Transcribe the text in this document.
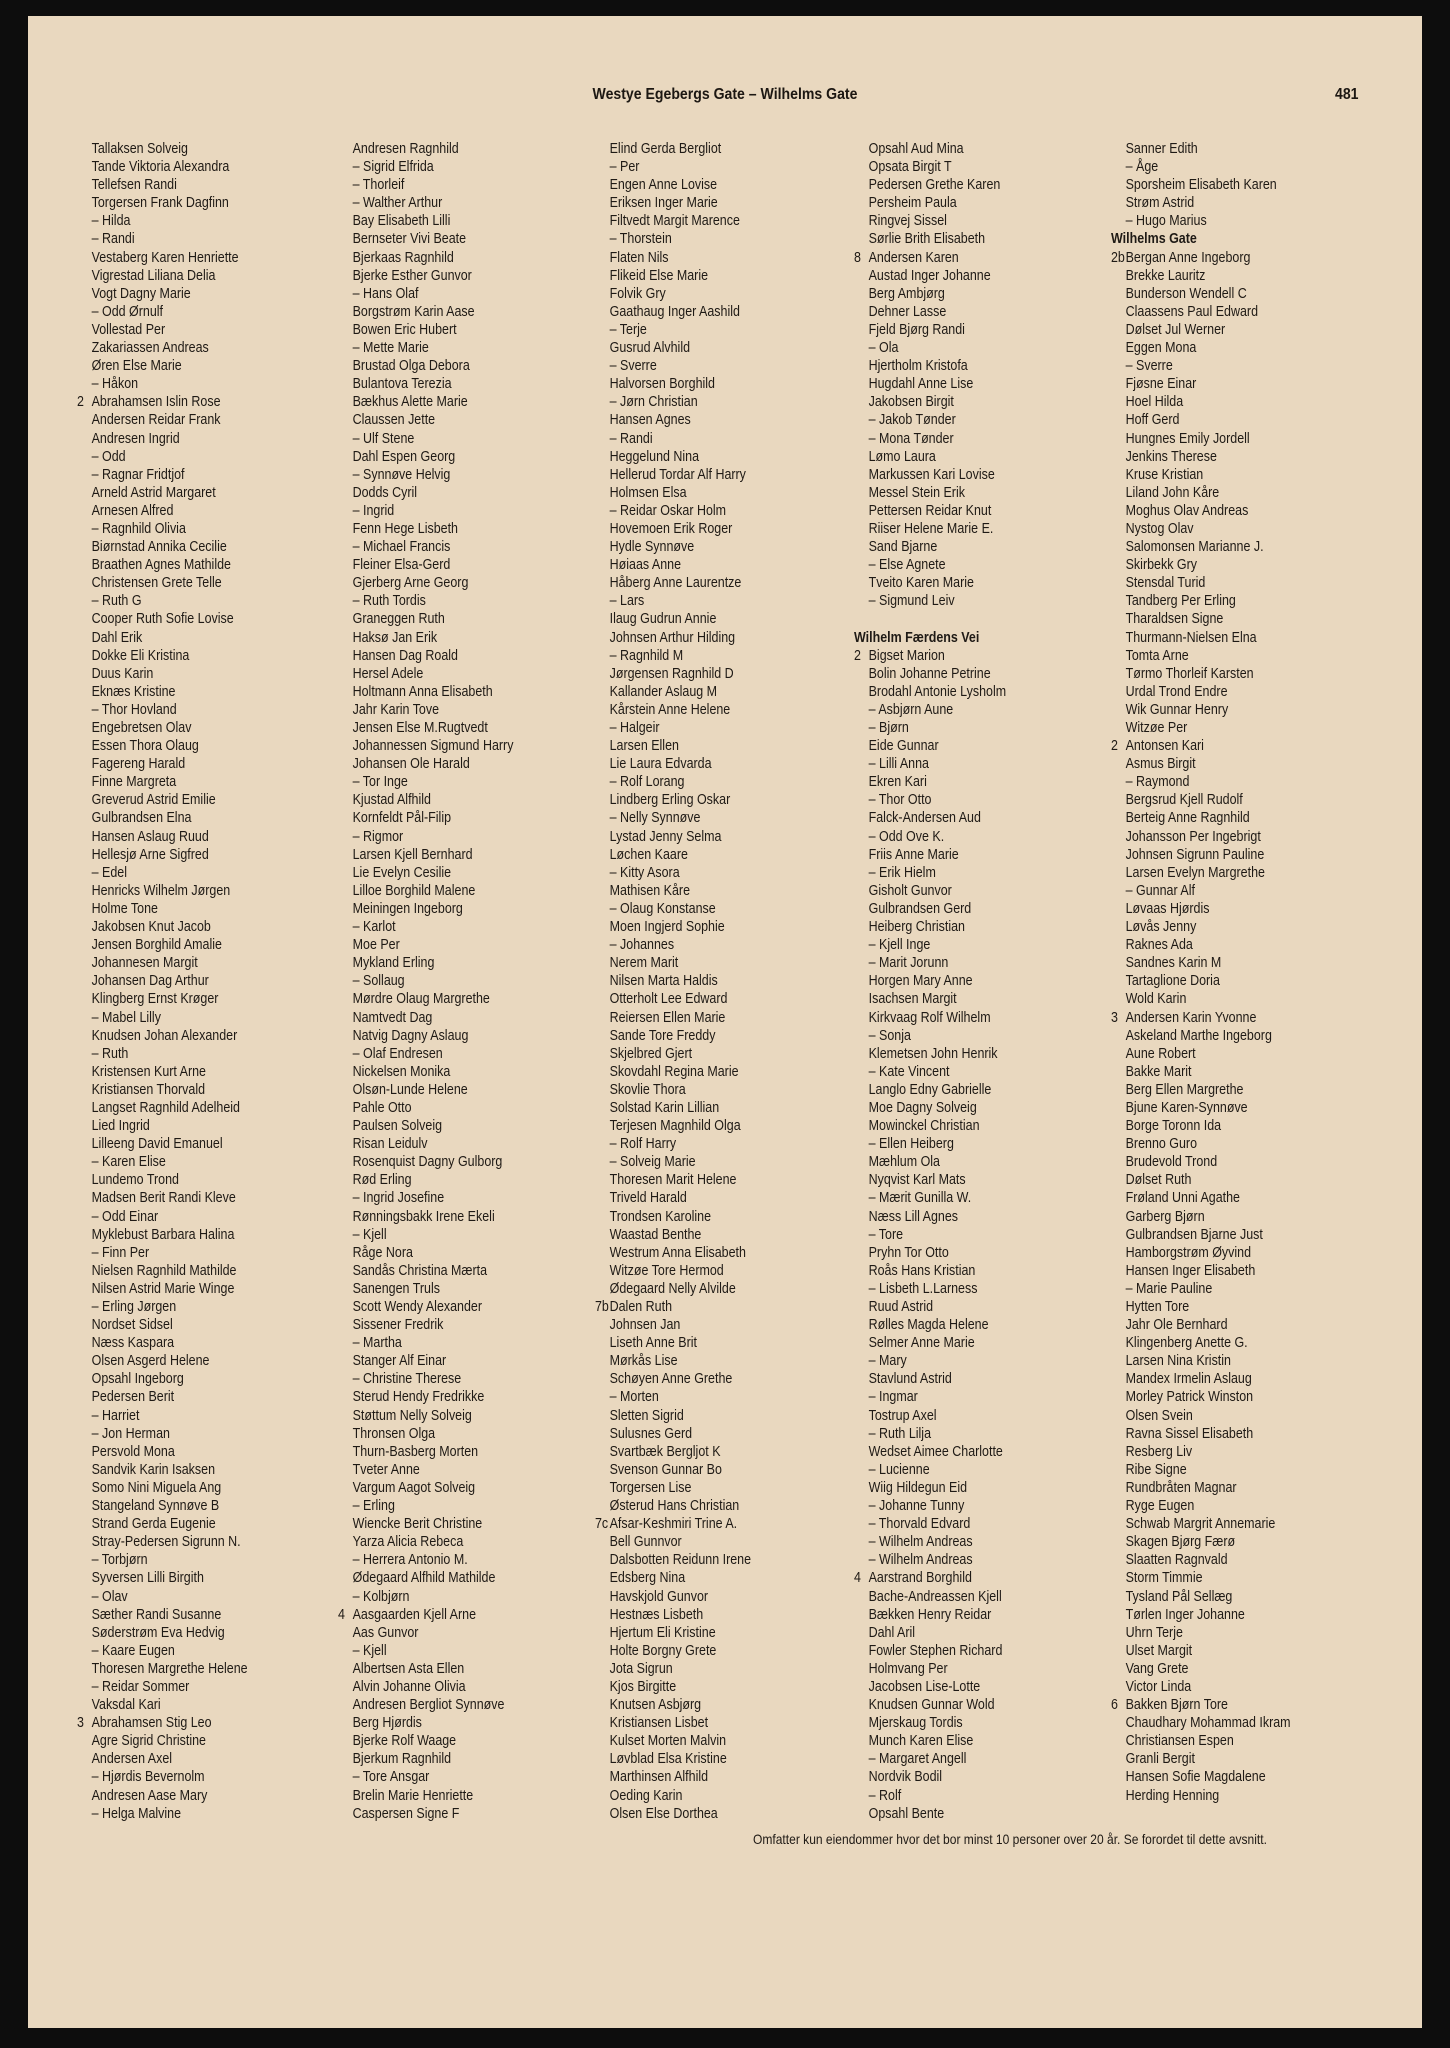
Westye Egebergs Gate – Wilhelms Gate	481
Tallaksen Solveig
Tande Viktoria Alexandra
Tellefsen Randi
Torgersen Frank Dagfinn
– Hilda
– Randi
Vestaberg Karen Henriette
Vigrestad Liliana Delia
Vogt Dagny Marie
– Odd Ørnulf
Vollestad Per
Zakariassen Andreas
Øren Else Marie
– Håkon
2 Abrahamsen Islin Rose
Andersen Reidar Frank
Andresen Ingrid
– Odd
– Ragnar Fridtjof
Arneld Astrid Margaret
Arnesen Alfred
– Ragnhild Olivia
Biørnstad Annika Cecilie
Braathen Agnes Mathilde
Christensen Grete Telle
– Ruth G
Cooper Ruth Sofie Lovise
Dahl Erik
Dokke Eli Kristina
Duus Karin
Eknæs Kristine
– Thor Hovland
Engebretsen Olav
Essen Thora Olaug
Fagereng Harald
Finne Margreta
Greverud Astrid Emilie
Gulbrandsen Elna
Hansen Aslaug Ruud
Hellesjø Arne Sigfred
– Edel
Henricks Wilhelm Jørgen
Holme Tone
Jakobsen Knut Jacob
Jensen Borghild Amalie
Johannesen Margit
Johansen Dag Arthur
Klingberg Ernst Krøger
– Mabel Lilly
Knudsen Johan Alexander
– Ruth
Kristensen Kurt Arne
Kristiansen Thorvald
Langset Ragnhild Adelheid
Lied Ingrid
Lilleeng David Emanuel
– Karen Elise
Lundemo Trond
Madsen Berit Randi Kleve
– Odd Einar
Myklebust Barbara Halina
– Finn Per
Nielsen Ragnhild Mathilde
Nilsen Astrid Marie Winge
– Erling Jørgen
Nordset Sidsel
Næss Kaspara
Olsen Asgerd Helene
Opsahl Ingeborg
Pedersen Berit
– Harriet
– Jon Herman
Persvold Mona
Sandvik Karin Isaksen
Somo Nini Miguela Ang
Stangeland Synnøve B
Strand Gerda Eugenie
Stray-Pedersen Sigrunn N.
– Torbjørn
Syversen Lilli Birgith
– Olav
Sæther Randi Susanne
Søderstrøm Eva Hedvig
– Kaare Eugen
Thoresen Margrethe Helene
– Reidar Sommer
Vaksdal Kari
3 Abrahamsen Stig Leo
Agre Sigrid Christine
Andersen Axel
– Hjørdis Bevernolm
Andresen Aase Mary
– Helga Malvine
Andresen Ragnhild
– Sigrid Elfrida
– Thorleif
– Walther Arthur
Bay Elisabeth Lilli
Bernseter Vivi Beate
Bjerkaas Ragnhild
Bjerke Esther Gunvor
– Hans Olaf
Borgstrøm Karin Aase
Bowen Eric Hubert
– Mette Marie
Brustad Olga Debora
Bulantova Terezia
Bækhus Alette Marie
Claussen Jette
– Ulf Stene
Dahl Espen Georg
– Synnøve Helvig
Dodds Cyril
– Ingrid
Fenn Hege Lisbeth
– Michael Francis
Fleiner Elsa-Gerd
Gjerberg Arne Georg
– Ruth Tordis
Graneggen Ruth
Haksø Jan Erik
Hansen Dag Roald
Hersel Adele
Holtmann Anna Elisabeth
Jahr Karin Tove
Jensen Else M.Rugtvedt
Johannessen Sigmund Harry
Johansen Ole Harald
– Tor Inge
Kjustad Alfhild
Kornfeldt Pål-Filip
– Rigmor
Larsen Kjell Bernhard
Lie Evelyn Cesilie
Lilloe Borghild Malene
Meiningen Ingeborg
– Karlot
Moe Per
Mykland Erling
– Sollaug
Mørdre Olaug Margrethe
Namtvedt Dag
Natvig Dagny Aslaug
– Olaf Endresen
Nickelsen Monika
Olsøn-Lunde Helene
Pahle Otto
Paulsen Solveig
Risan Leidulv
Rosenquist Dagny Gulborg
Rød Erling
– Ingrid Josefine
Rønningsbakk Irene Ekeli
– Kjell
Råge Nora
Sandås Christina Mærta
Sanengen Truls
Scott Wendy Alexander
Sissener Fredrik
– Martha
Stanger Alf Einar
– Christine Therese
Sterud Hendy Fredrikke
Støttum Nelly Solveig
Thronsen Olga
Thurn-Basberg Morten
Tveter Anne
Vargum Aagot Solveig
– Erling
Wiencke Berit Christine
Yarza Alicia Rebeca
– Herrera Antonio M.
Ødegaard Alfhild Mathilde
– Kolbjørn
4 Aasgaarden Kjell Arne
Aas Gunvor
– Kjell
Albertsen Asta Ellen
Alvin Johanne Olivia
Andresen Bergliot Synnøve
Berg Hjørdis
Bjerke Rolf Waage
Bjerkum Ragnhild
– Tore Ansgar
Brelin Marie Henriette
Caspersen Signe F
Elind Gerda Bergliot
– Per
Engen Anne Lovise
Eriksen Inger Marie
Filtvedt Margit Marence
– Thorstein
Flaten Nils
Flikeid Else Marie
Folvik Gry
Gaathaug Inger Aashild
– Terje
Gusrud Alvhild
– Sverre
Halvorsen Borghild
– Jørn Christian
Hansen Agnes
– Randi
Heggelund Nina
Hellerud Tordar Alf Harry
Holmsen Elsa
– Reidar Oskar Holm
Hovemoen Erik Roger
Hydle Synnøve
Høiaas Anne
Håberg Anne Laurentze
– Lars
Ilaug Gudrun Annie
Johnsen Arthur Hilding
– Ragnhild M
Jørgensen Ragnhild D
Kallander Aslaug M
Kårstein Anne Helene
– Halgeir
Larsen Ellen
Lie Laura Edvarda
– Rolf Lorang
Lindberg Erling Oskar
– Nelly Synnøve
Lystad Jenny Selma
Løchen Kaare
– Kitty Asora
Mathisen Kåre
– Olaug Konstanse
Moen Ingjerd Sophie
– Johannes
Nerem Marit
Nilsen Marta Haldis
Otterholt Lee Edward
Reiersen Ellen Marie
Sande Tore Freddy
Skjelbred Gjert
Skovdahl Regina Marie
Skovlie Thora
Solstad Karin Lillian
Terjesen Magnhild Olga
– Rolf Harry
– Solveig Marie
Thoresen Marit Helene
Triveld Harald
Trondsen Karoline
Waastad Benthe
Westrum Anna Elisabeth
Witzøe Tore Hermod
Ødegaard Nelly Alvilde
7b Dalen Ruth
Johnsen Jan
Liseth Anne Brit
Mørkås Lise
Schøyen Anne Grethe
– Morten
Sletten Sigrid
Sulusnes Gerd
Svartbæk Bergljot K
Svenson Gunnar Bo
Torgersen Lise
Østerud Hans Christian
7c Afsar-Keshmiri Trine A.
Bell Gunnvor
Dalsbotten Reidunn Irene
Edsberg Nina
Havskjold Gunvor
Hestnæs Lisbeth
Hjertum Eli Kristine
Holte Borgny Grete
Jota Sigrun
Kjos Birgitte
Knutsen Asbjørg
Kristiansen Lisbet
Kulset Morten Malvin
Løvblad Elsa Kristine
Marthinsen Alfhild
Oeding Karin
Olsen Else Dorthea
Opsahl Aud Mina
Opsata Birgit T
Pedersen Grethe Karen
Persheim Paula
Ringvej Sissel
Sørlie Brith Elisabeth
8 Andersen Karen
Austad Inger Johanne
Berg Ambjørg
Dehner Lasse
Fjeld Bjørg Randi
– Ola
Hjertholm Kristofa
Hugdahl Anne Lise
Jakobsen Birgit
– Jakob Tønder
– Mona Tønder
Lømo Laura
Markussen Kari Lovise
Messel Stein Erik
Pettersen Reidar Knut
Riiser Helene Marie E.
Sand Bjarne
– Else Agnete
Tveito Karen Marie
– Sigmund Leiv
Wilhelm Færdens Vei
2 Bigset Marion
Bolin Johanne Petrine
Brodahl Antonie Lysholm
– Asbjørn Aune
– Bjørn
Eide Gunnar
– Lilli Anna
Ekren Kari
– Thor Otto
Falck-Andersen Aud
– Odd Ove K.
Friis Anne Marie
– Erik Hielm
Gisholt Gunvor
Gulbrandsen Gerd
Heiberg Christian
– Kjell Inge
– Marit Jorunn
Horgen Mary Anne
Isachsen Margit
Kirkvaag Rolf Wilhelm
– Sonja
Klemetsen John Henrik
– Kate Vincent
Langlo Edny Gabrielle
Moe Dagny Solveig
Mowinckel Christian
– Ellen Heiberg
Mæhlum Ola
Nyqvist Karl Mats
– Mærit Gunilla W.
Næss Lill Agnes
– Tore
Pryhn Tor Otto
Roås Hans Kristian
– Lisbeth L.Larness
Ruud Astrid
Rølles Magda Helene
Selmer Anne Marie
– Mary
Stavlund Astrid
– Ingmar
Tostrup Axel
– Ruth Lilja
Wedset Aimee Charlotte
– Lucienne
Wiig Hildegun Eid
– Johanne Tunny
– Thorvald Edvard
– Wilhelm Andreas
– Wilhelm Andreas
4 Aarstrand Borghild
Bache-Andreassen Kjell
Bækken Henry Reidar
Dahl Aril
Fowler Stephen Richard
Holmvang Per
Jacobsen Lise-Lotte
Knudsen Gunnar Wold
Mjerskaug Tordis
Munch Karen Elise
– Margaret Angell
Nordvik Bodil
– Rolf
Opsahl Bente
Sanner Edith
– Åge
Sporsheim Elisabeth Karen
Strøm Astrid
– Hugo Marius
Wilhelms Gate
2b Bergan Anne Ingeborg
Brekke Lauritz
Bunderson Wendell C
Claassens Paul Edward
Dølset Jul Werner
Eggen Mona
– Sverre
Fjøsne Einar
Hoel Hilda
Hoff Gerd
Hungnes Emily Jordell
Jenkins Therese
Kruse Kristian
Liland John Kåre
Moghus Olav Andreas
Nystog Olav
Salomonsen Marianne J.
Skirbekk Gry
Stensdal Turid
Tandberg Per Erling
Tharaldsen Signe
Thurmann-Nielsen Elna
Tomta Arne
Tørmo Thorleif Karsten
Urdal Trond Endre
Wik Gunnar Henry
Witzøe Per
2 Antonsen Kari
Asmus Birgit
– Raymond
Bergsrud Kjell Rudolf
Berteig Anne Ragnhild
Johansson Per Ingebrigt
Johnsen Sigrunn Pauline
Larsen Evelyn Margrethe
– Gunnar Alf
Løvaas Hjørdis
Løvås Jenny
Raknes Ada
Sandnes Karin M
Tartaglione Doria
Wold Karin
3 Andersen Karin Yvonne
Askeland Marthe Ingeborg
Aune Robert
Bakke Marit
Berg Ellen Margrethe
Bjune Karen-Synnøve
Borge Toronn Ida
Brenno Guro
Brudevold Trond
Dølset Ruth
Frøland Unni Agathe
Garberg Bjørn
Gulbrandsen Bjarne Just
Hamborgstrøm Øyvind
Hansen Inger Elisabeth
– Marie Pauline
Hytten Tore
Jahr Ole Bernhard
Klingenberg Anette G.
Larsen Nina Kristin
Mandex Irmelin Aslaug
Morley Patrick Winston
Olsen Svein
Ravna Sissel Elisabeth
Resberg Liv
Ribe Signe
Rundbråten Magnar
Ryge Eugen
Schwab Margrit Annemarie
Skagen Bjørg Færø
Slaatten Ragnvald
Storm Timmie
Tysland Pål Sellæg
Tørlen Inger Johanne
Uhrn Terje
Ulset Margit
Vang Grete
Victor Linda
6 Bakken Bjørn Tore
Chaudhary Mohammad Ikram
Christiansen Espen
Granli Bergit
Hansen Sofie Magdalene
Herding Henning
Omfatter kun eiendommer hvor det bor minst 10 personer over 20 år. Se forordet til dette avsnitt.
